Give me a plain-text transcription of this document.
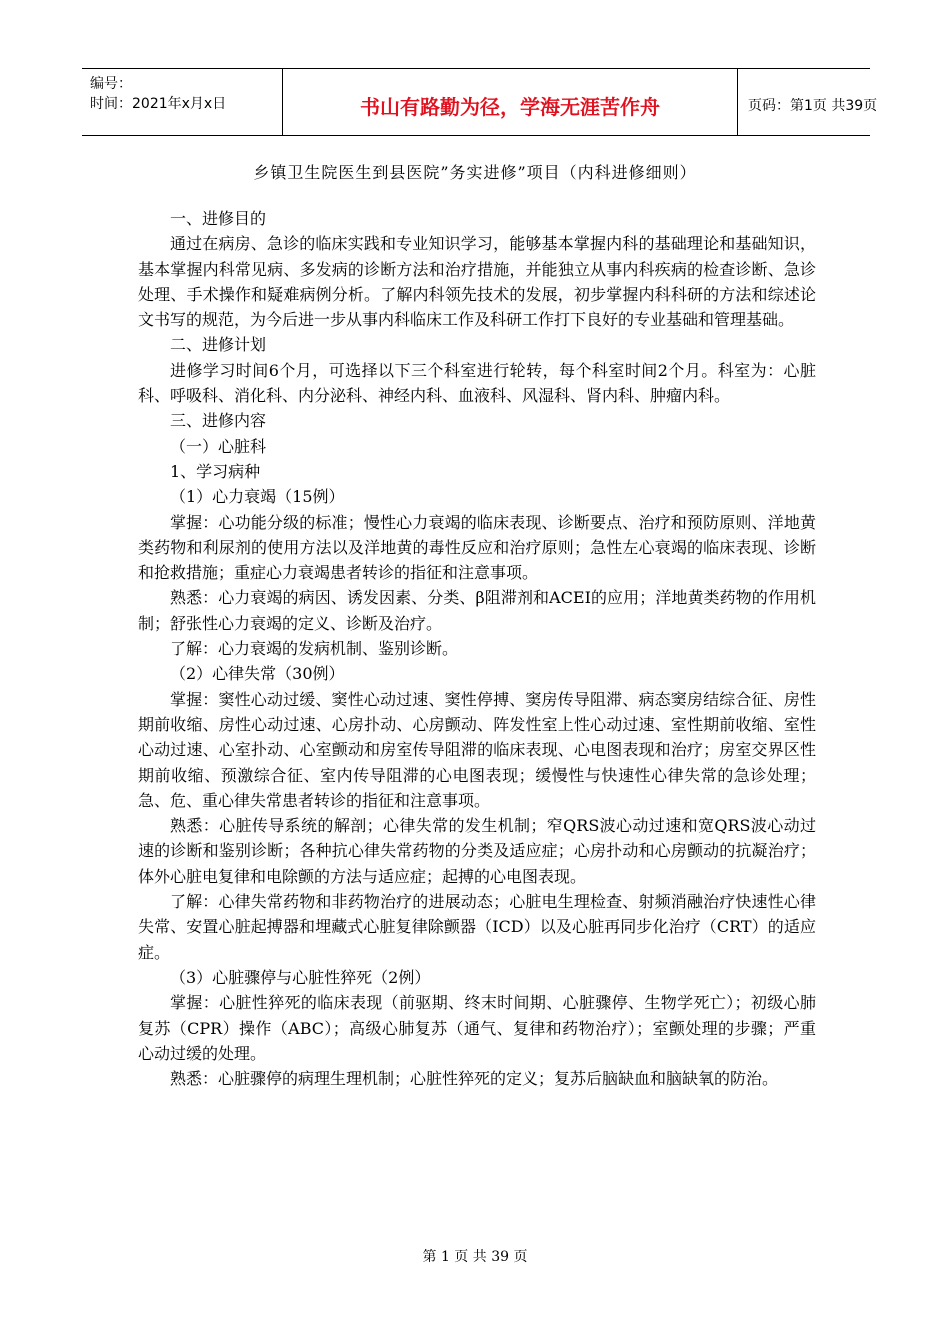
编号：
时间：2021年x月x日	书山有路勤为径，学海无涯苦作舟	页码：第1页 共39页
乡镇卫生院医生到县医院”务实进修”项目（内科进修细则）

一、进修目的

通过在病房、急诊的临床实践和专业知识学习，能够基本掌握内科的基础理论和基础知识，基本掌握内科常见病、多发病的诊断方法和治疗措施，并能独立从事内科疾病的检查诊断、急诊处理、手术操作和疑难病例分析。了解内科领先技术的发展，初步掌握内科科研的方法和综述论文书写的规范，为今后进一步从事内科临床工作及科研工作打下良好的专业基础和管理基础。

二、进修计划

进修学习时间6个月，可选择以下三个科室进行轮转，每个科室时间2个月。科室为：心脏科、呼吸科、消化科、内分泌科、神经内科、血液科、风湿科、肾内科、肿瘤内科。

三、进修内容

（一）心脏科

1、学习病种

（1）心力衰竭（15例）

掌握：心功能分级的标准；慢性心力衰竭的临床表现、诊断要点、治疗和预防原则、洋地黄类药物和利尿剂的使用方法以及洋地黄的毒性反应和治疗原则；急性左心衰竭的临床表现、诊断和抢救措施；重症心力衰竭患者转诊的指征和注意事项。

熟悉：心力衰竭的病因、诱发因素、分类、β阻滞剂和ACEI的应用；洋地黄类药物的作用机制；舒张性心力衰竭的定义、诊断及治疗。

了解：心力衰竭的发病机制、鉴别诊断。

（2）心律失常（30例）

掌握：窦性心动过缓、窦性心动过速、窦性停搏、窦房传导阻滞、病态窦房结综合征、房性期前收缩、房性心动过速、心房扑动、心房颤动、阵发性室上性心动过速、室性期前收缩、室性心动过速、心室扑动、心室颤动和房室传导阻滞的临床表现、心电图表现和治疗；房室交界区性期前收缩、预激综合征、室内传导阻滞的心电图表现；缓慢性与快速性心律失常的急诊处理；急、危、重心律失常患者转诊的指征和注意事项。

熟悉：心脏传导系统的解剖；心律失常的发生机制；窄QRS波心动过速和宽QRS波心动过速的诊断和鉴别诊断；各种抗心律失常药物的分类及适应症；心房扑动和心房颤动的抗凝治疗；体外心脏电复律和电除颤的方法与适应症；起搏的心电图表现。

了解：心律失常药物和非药物治疗的进展动态；心脏电生理检查、射频消融治疗快速性心律失常、安置心脏起搏器和埋藏式心脏复律除颤器（ICD）以及心脏再同步化治疗（CRT）的适应症。

（3）心脏骤停与心脏性猝死（2例）

掌握：心脏性猝死的临床表现（前驱期、终末时间期、心脏骤停、生物学死亡）；初级心肺复苏（CPR）操作（ABC）；高级心肺复苏（通气、复律和药物治疗）；室颤处理的步骤；严重心动过缓的处理。

熟悉：心脏骤停的病理生理机制；心脏性猝死的定义；复苏后脑缺血和脑缺氧的防治。

第 1 页 共 39 页
